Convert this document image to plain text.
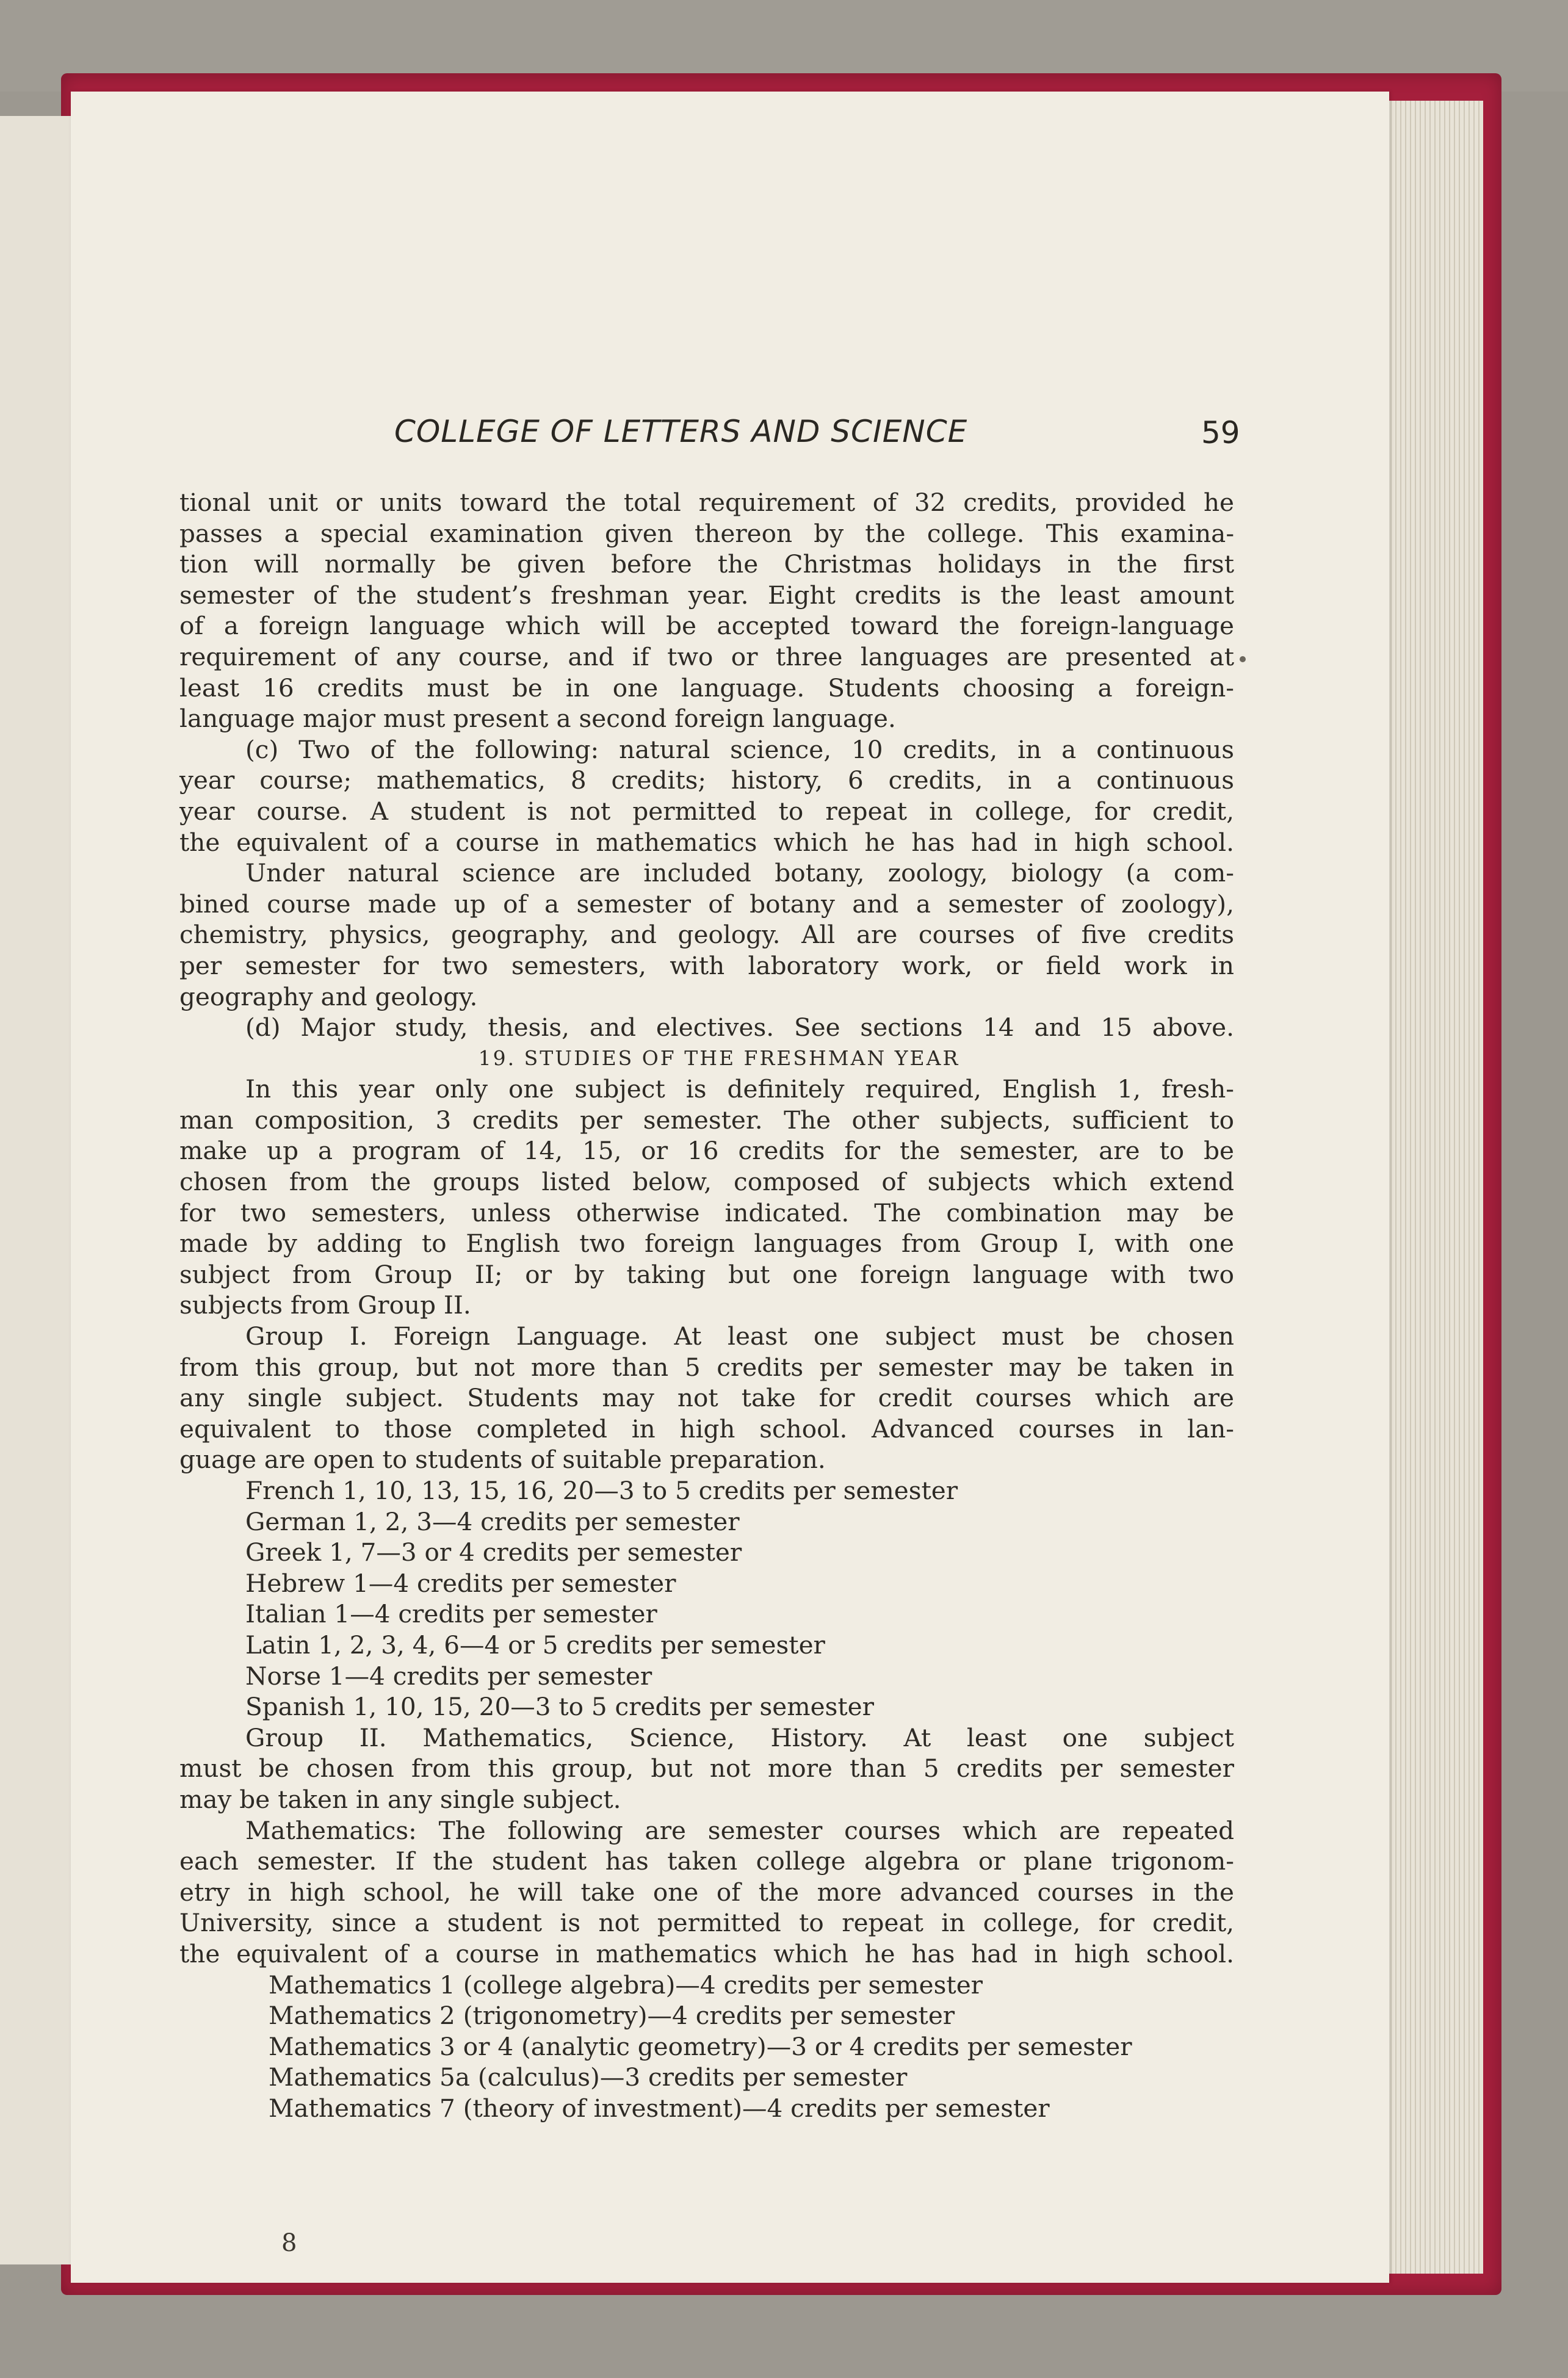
COLLEGE OF LETTERS AND SCIENCE	59
tional unit or units toward the total requirement of 32 credits, provided he
passes a special examination given thereon by the college. This examina-
tion will normally be given before the Christmas holidays in the first
semester of the student’s freshman year. Eight credits is the least amount
of a foreign language which will be accepted toward the foreign-language
requirement of any course, and if two or three languages are presented at
least 16 credits must be in one language. Students choosing a foreign-
language major must present a second foreign language.
(c) Two of the following: natural science, 10 credits, in a continuous
year course; mathematics, 8 credits; history, 6 credits, in a continuous
year course. A student is not permitted to repeat in college, for credit,
the equivalent of a course in mathematics which he has had in high school.
Under natural science are included botany, zoology, biology (a com-
bined course made up of a semester of botany and a semester of zoology),
chemistry, physics, geography, and geology. All are courses of five credits
per semester for two semesters, with laboratory work, or field work in
geography and geology.
(d) Major study, thesis, and electives. See sections 14 and 15 above.
19. STUDIES OF THE FRESHMAN YEAR
In this year only one subject is definitely required, English 1, fresh-
man composition, 3 credits per semester. The other subjects, sufficient to
make up a program of 14, 15, or 16 credits for the semester, are to be
chosen from the groups listed below, composed of subjects which extend
for two semesters, unless otherwise indicated. The combination may be
made by adding to English two foreign languages from Group I, with one
subject from Group II; or by taking but one foreign language with two
subjects from Group II.
Group I. Foreign Language. At least one subject must be chosen
from this group, but not more than 5 credits per semester may be taken in
any single subject. Students may not take for credit courses which are
equivalent to those completed in high school. Advanced courses in lan-
guage are open to students of suitable preparation.
French 1, 10, 13, 15, 16, 20—3 to 5 credits per semester
German 1, 2, 3—4 credits per semester
Greek 1, 7—3 or 4 credits per semester
Hebrew 1—4 credits per semester
Italian 1—4 credits per semester
Latin 1, 2, 3, 4, 6—4 or 5 credits per semester
Norse 1—4 credits per semester
Spanish 1, 10, 15, 20—3 to 5 credits per semester
Group II. Mathematics, Science, History. At least one subject
must be chosen from this group, but not more than 5 credits per semester
may be taken in any single subject.
Mathematics: The following are semester courses which are repeated
each semester. If the student has taken college algebra or plane trigonom-
etry in high school, he will take one of the more advanced courses in the
University, since a student is not permitted to repeat in college, for credit,
the equivalent of a course in mathematics which he has had in high school.
Mathematics 1 (college algebra)—4 credits per semester
Mathematics 2 (trigonometry)—4 credits per semester
Mathematics 3 or 4 (analytic geometry)—3 or 4 credits per semester
Mathematics 5a (calculus)—3 credits per semester
Mathematics 7 (theory of investment)—4 credits per semester
8
